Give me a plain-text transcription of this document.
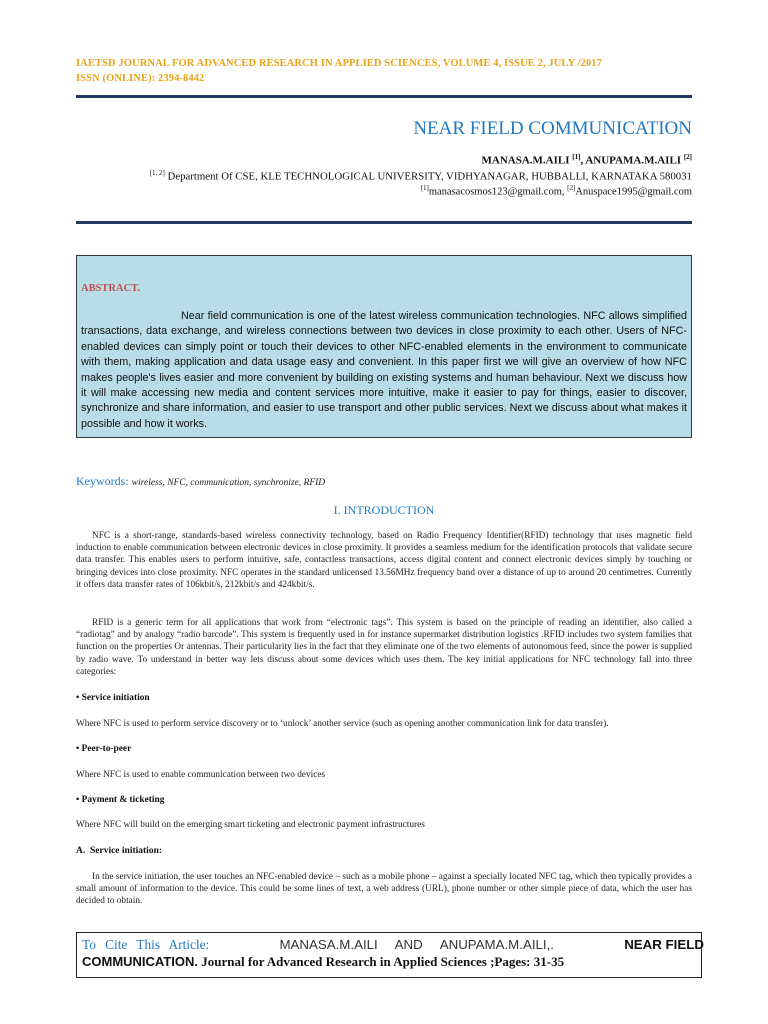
IAETSD JOURNAL FOR ADVANCED RESEARCH IN APPLIED SCIENCES, VOLUME 4, ISSUE 2, JULY /2017
ISSN (ONLINE): 2394-8442
NEAR FIELD COMMUNICATION
MANASA.M.AILI [1], ANUPAMA.M.AILI [2]
[1, 2] Department Of CSE, KLE TECHNOLOGICAL UNIVERSITY, VIDHYANAGAR, HUBBALLI, KARNATAKA 580031
[1]manasacosmos123@gmail.com, [2]Anuspace1995@gmail.com
ABSTRACT.
Near field communication is one of the latest wireless communication technologies. NFC allows simplified transactions, data exchange, and wireless connections between two devices in close proximity to each other. Users of NFC-enabled devices can simply point or touch their devices to other NFC-enabled elements in the environment to communicate with them, making application and data usage easy and convenient. In this paper first we will give an overview of how NFC makes people's lives easier and more convenient by building on existing systems and human behaviour. Next we discuss how it will make accessing new media and content services more intuitive, make it easier to pay for things, easier to discover, synchronize and share information, and easier to use transport and other public services. Next we discuss about what makes it possible and how it works.
Keywords: wireless, NFC, communication, synchronize, RFID
I. INTRODUCTION
NFC is a short-range, standards-based wireless connectivity technology, based on Radio Frequency Identifier(RFID) technology that uses magnetic field induction to enable communication between electronic devices in close proximity. It provides a seamless medium for the identification protocols that validate secure data transfer. This enables users to perform intuitive, safe, contactless transactions, access digital content and connect electronic devices simply by touching or bringing devices into close proximity. NFC operates in the standard unlicensed 13.56MHz frequency band over a distance of up to around 20 centimetres. Currently it offers data transfer rates of 106kbit/s, 212kbit/s and 424kbit/s.
RFID is a generic term for all applications that work from “electronic tags”. This system is based on the principle of reading an identifier, also called a “radiotag” and by analogy “radio barcode”. This system is frequently used in for instance supermarket distribution logistics .RFID includes two system families that function on the properties Or antennas. Their particularity lies in the fact that they eliminate one of the two elements of autonomous feed, since the power is supplied by radio wave. To understand in better way lets discuss about some devices which uses them. The key initial applications for NFC technology fall into three categories:
• Service initiation
Where NFC is used to perform service discovery or to ‘unlock’ another service (such as opening another communication link for data transfer).
• Peer-to-peer
Where NFC is used to enable communication between two devices
• Payment & ticketing
Where NFC will build on the emerging smart ticketing and electronic payment infrastructures
A.  Service initiation:
In the service initiation, the user touches an NFC-enabled device – such as a mobile phone – against a specially located NFC tag, which then typically provides a small amount of information to the device. This could be some lines of text, a web address (URL), phone number or other simple piece of data, which the user has decided to obtain.
To Cite This Article:	MANASA.M.AILI AND ANUPAMA.M.AILI,.	NEAR FIELD
COMMUNICATION. Journal for Advanced Research in Applied Sciences ;Pages: 31-35
